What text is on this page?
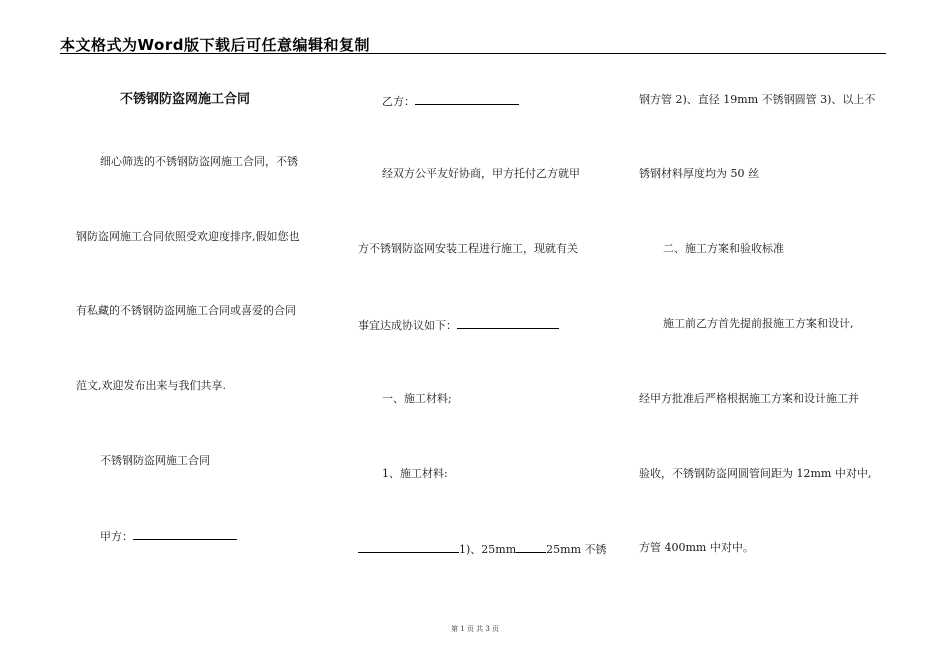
本文格式为Word版下载后可任意编辑和复制
不锈钢防盗网施工合同
细心筛选的不锈钢防盗网施工合同，不锈
钢防盗网施工合同依照受欢迎度排序,假如您也
有私藏的不锈钢防盗网施工合同或喜爱的合同
范文,欢迎发布出来与我们共享.
不锈钢防盗网施工合同
甲方：
乙方：
经双方公平友好协商，甲方托付乙方就甲
方不锈钢防盗网安装工程进行施工，现就有关
事宜达成协议如下：
一、施工材料;
1、施工材料:
1)、25mm	25mm 不锈
钢方管 2)、直径 19mm 不锈钢圆管 3)、以上不
锈钢材料厚度均为 50 丝
二、施工方案和验收标准
施工前乙方首先提前报施工方案和设计,
经甲方批准后严格根据施工方案和设计施工并
验收，不锈钢防盗网圆管间距为 12mm 中对中,
方管 400mm 中对中。
第 1 页 共 3 页
